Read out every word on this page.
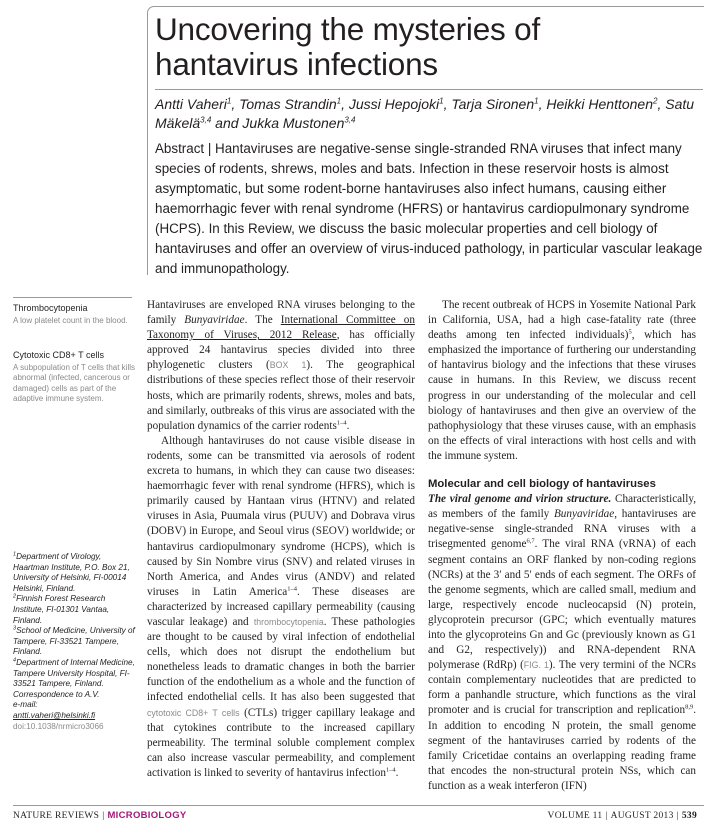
Uncovering the mysteries of
hantavirus infections
Antti Vaheri$^1$, Tomas Strandin$^1$, Jussi Hepojoki$^1$, Tarja Sironen$^1$, Heikki Henttonen$^2$, Satu Mäkelä$^{3,4}$ and Jukka Mustonen$^{3,4}$
Abstract | Hantaviruses are negative-sense single-stranded RNA viruses that infect many species of rodents, shrews, moles and bats. Infection in these reservoir hosts is almost asymptomatic, but some rodent-borne hantaviruses also infect humans, causing either haemorrhagic fever with renal syndrome (HFRS) or hantavirus cardiopulmonary syndrome (HCPS). In this Review, we discuss the basic molecular properties and cell biology of hantaviruses and offer an overview of virus-induced pathology, in particular vascular leakage and immunopathology.
Thrombocytopenia
A low platelet count in the blood.
Cytotoxic CD8+ T cells
A subpopulation of T cells that kills abnormal (infected, cancerous or damaged) cells as part of the adaptive immune system.
$^1$Department of Virology, Haartman Institute, P.O. Box 21, University of Helsinki, FI-00014 Helsinki, Finland.
$^2$Finnish Forest Research Institute, FI-01301 Vantaa, Finland.
$^3$School of Medicine, University of Tampere, FI-33521 Tampere, Finland.
$^4$Department of Internal Medicine, Tampere University Hospital, FI-33521 Tampere, Finland.
Correspondence to A.V.
e-mail:
antti.vaheri@helsinki.fi
doi:10.1038/nrmicro3066

Hantaviruses are enveloped RNA viruses belonging to the family Bunyaviridae. The International Committee on Taxonomy of Viruses, 2012 Release, has officially approved 24 hantavirus species divided into three phylogenetic clusters (BOX 1). The geographical distributions of these species reflect those of their reservoir hosts, which are primarily rodents, shrews, moles and bats, and similarly, outbreaks of this virus are associated with the population dynamics of the carrier rodents$^{1-4}$.

Although hantaviruses do not cause visible disease in rodents, some can be transmitted via aerosols of rodent excreta to humans, in which they can cause two diseases: haemorrhagic fever with renal syndrome (HFRS), which is primarily caused by Hantaan virus (HTNV) and related viruses in Asia, Puumala virus (PUUV) and Dobrava virus (DOBV) in Europe, and Seoul virus (SEOV) worldwide; or hantavirus cardiopulmonary syndrome (HCPS), which is caused by Sin Nombre virus (SNV) and related viruses in North America, and Andes virus (ANDV) and related viruses in Latin America$^{1-4}$. These diseases are characterized by increased capillary permeability (causing vascular leakage) and thrombocytopenia. These pathologies are thought to be caused by viral infection of endothelial cells, which does not disrupt the endothelium but nonetheless leads to dramatic changes in both the barrier function of the endothelium as a whole and the function of infected endothelial cells. It has also been suggested that cytotoxic CD8+ T cells (CTLs) trigger capillary leakage and that cytokines contribute to the increased capillary permeability. The terminal soluble complement complex can also increase vascular permeability, and complement activation is linked to severity of hantavirus infection$^{1-4}$.

The recent outbreak of HCPS in Yosemite National Park in California, USA, had a high case-fatality rate (three deaths among ten infected individuals)$^5$, which has emphasized the importance of furthering our understanding of hantavirus biology and the infections that these viruses cause in humans. In this Review, we discuss recent progress in our understanding of the molecular and cell biology of hantaviruses and then give an overview of the pathophysiology that these viruses cause, with an emphasis on the effects of viral interactions with host cells and with the immune system.

Molecular and cell biology of hantaviruses

The viral genome and virion structure. Characteristically, as members of the family Bunyaviridae, hantaviruses are negative-sense single-stranded RNA viruses with a trisegmented genome$^{6,7}$. The viral RNA (vRNA) of each segment contains an ORF flanked by non-coding regions (NCRs) at the 3′ and 5′ ends of each segment. The ORFs of the genome segments, which are called small, medium and large, respectively encode nucleocapsid (N) protein, glycoprotein precursor (GPC; which eventually matures into the glycoproteins Gn and Gc (previously known as G1 and G2, respectively)) and RNA-dependent RNA polymerase (RdRp) (FIG. 1). The very termini of the NCRs contain complementary nucleotides that are predicted to form a panhandle structure, which functions as the viral promoter and is crucial for transcription and replication$^{8,9}$. In addition to encoding N protein, the small genome segment of the hantaviruses carried by rodents of the family Cricetidae contains an overlapping reading frame that encodes the non-structural protein NSs, which can function as a weak interferon (IFN)

NATURE REVIEWS | MICROBIOLOGY	VOLUME 11 | AUGUST 2013 | 539
